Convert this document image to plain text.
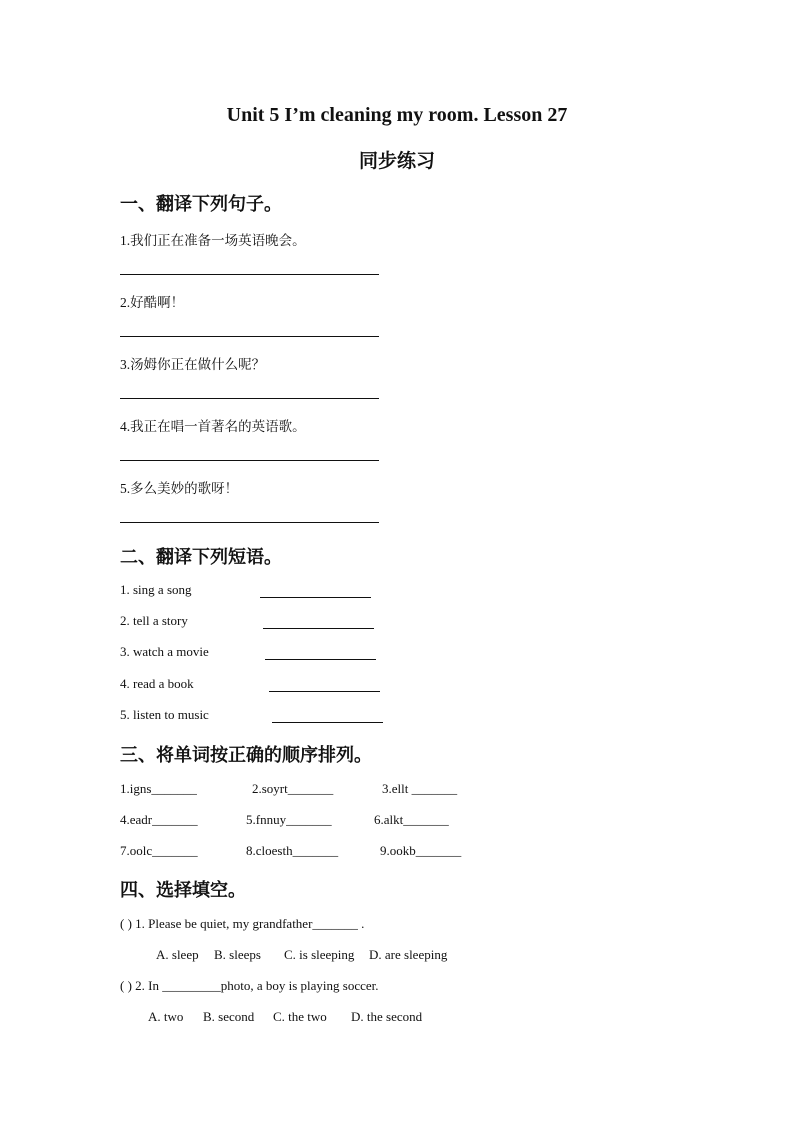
Unit 5 I’m cleaning my room. Lesson 27
同步练习
一、翻译下列句子。
1.我们正在准备一场英语晚会。
2.好酷啊！
3.汤姆你正在做什么呢？
4.我正在唱一首著名的英语歌。
5.多么美妙的歌呀！
二、翻译下列短语。
1. sing a song
2. tell a story
3. watch a movie
4. read a book
5. listen to music
三、将单词按正确的顺序排列。
1.igns_______	2.soyrt_______	3.ellt _______
4.eadr_______	5.fnnuy_______	6.alkt_______
7.oolc_______	8.cloesth_______	9.ookb_______
四、选择填空。
( ) 1. Please be quiet, my grandfather_______ .
A. sleep B. sleeps C. is sleeping D. are sleeping
( ) 2. In _________photo, a boy is playing soccer.
A. two B. second C. the two D. the second
